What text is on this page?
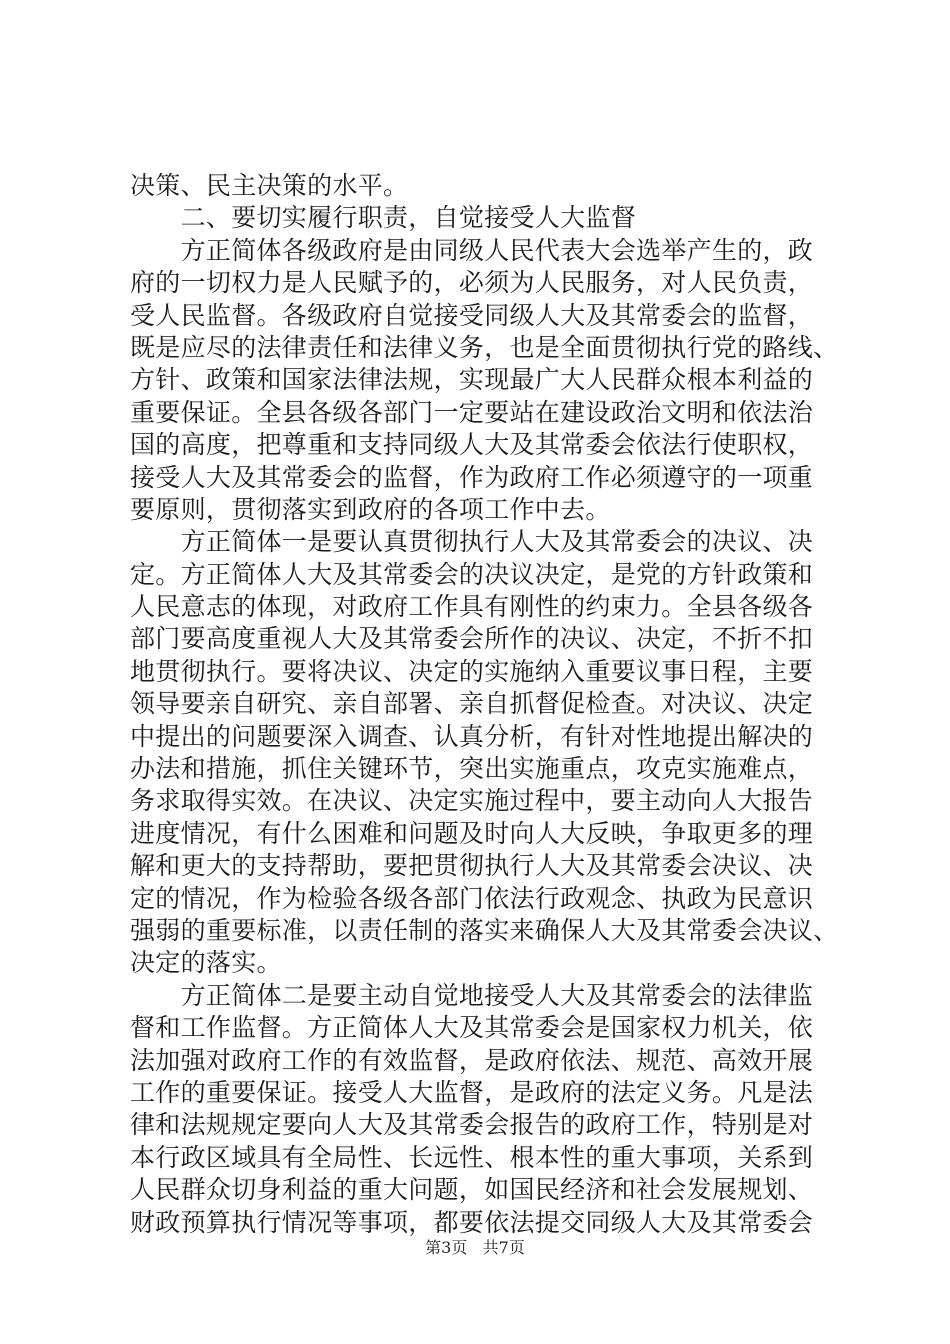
决策、民主决策的水平。
　　二、要切实履行职责，自觉接受人大监督
　　方正简体各级政府是由同级人民代表大会选举产生的，政
府的一切权力是人民赋予的，必须为人民服务，对人民负责，
受人民监督。各级政府自觉接受同级人大及其常委会的监督，
既是应尽的法律责任和法律义务，也是全面贯彻执行党的路线、
方针、政策和国家法律法规，实现最广大人民群众根本利益的
重要保证。全县各级各部门一定要站在建设政治文明和依法治
国的高度，把尊重和支持同级人大及其常委会依法行使职权，
接受人大及其常委会的监督，作为政府工作必须遵守的一项重
要原则，贯彻落实到政府的各项工作中去。
　　方正简体一是要认真贯彻执行人大及其常委会的决议、决
定。方正简体人大及其常委会的决议决定，是党的方针政策和
人民意志的体现，对政府工作具有刚性的约束力。全县各级各
部门要高度重视人大及其常委会所作的决议、决定，不折不扣
地贯彻执行。要将决议、决定的实施纳入重要议事日程，主要
领导要亲自研究、亲自部署、亲自抓督促检查。对决议、决定
中提出的问题要深入调查、认真分析，有针对性地提出解决的
办法和措施，抓住关键环节，突出实施重点，攻克实施难点，
务求取得实效。在决议、决定实施过程中，要主动向人大报告
进度情况，有什么困难和问题及时向人大反映，争取更多的理
解和更大的支持帮助，要把贯彻执行人大及其常委会决议、决
定的情况，作为检验各级各部门依法行政观念、执政为民意识
强弱的重要标准，以责任制的落实来确保人大及其常委会决议、
决定的落实。
　　方正简体二是要主动自觉地接受人大及其常委会的法律监
督和工作监督。方正简体人大及其常委会是国家权力机关，依
法加强对政府工作的有效监督，是政府依法、规范、高效开展
工作的重要保证。接受人大监督，是政府的法定义务。凡是法
律和法规规定要向人大及其常委会报告的政府工作，特别是对
本行政区域具有全局性、长远性、根本性的重大事项，关系到
人民群众切身利益的重大问题，如国民经济和社会发展规划、
财政预算执行情况等事项，都要依法提交同级人大及其常委会
第3页 共7页
